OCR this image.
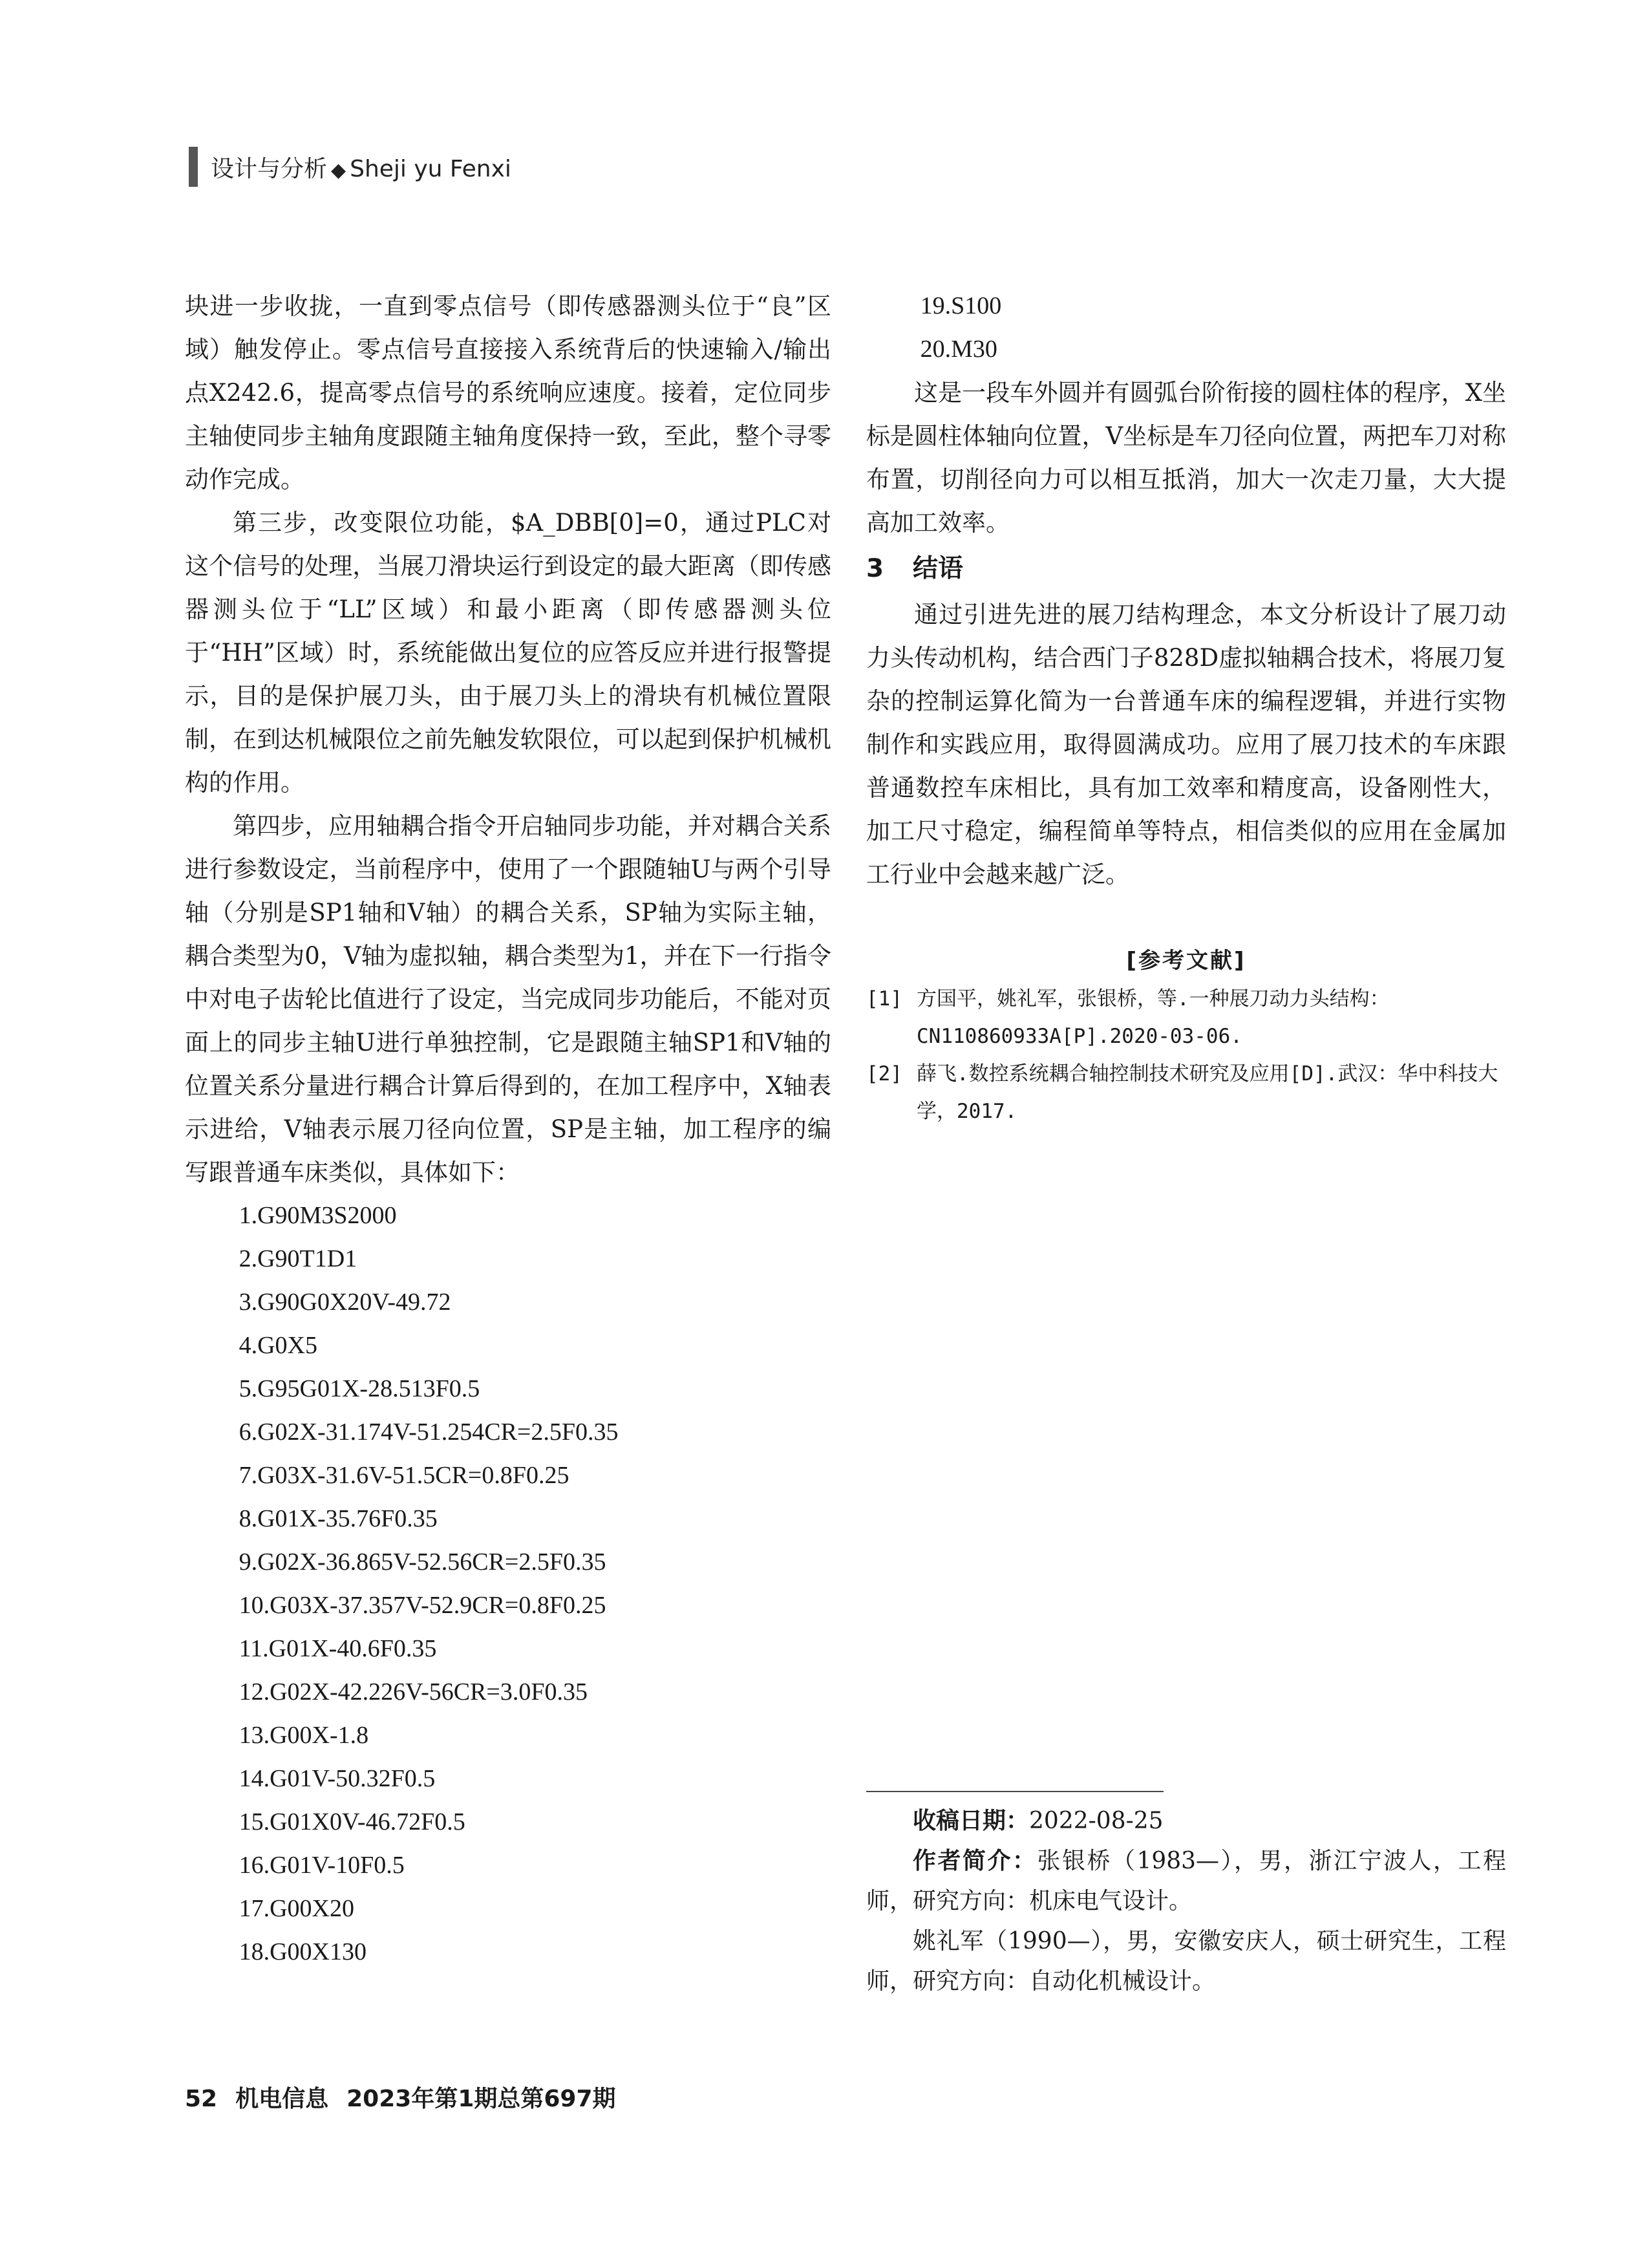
设计与分析 ◆ Sheji yu Fenxi

块进一步收拢，一直到零点信号（即传感器测头位于“良”区域）触发停止。零点信号直接接入系统背后的快速输入/输出点X242.6，提高零点信号的系统响应速度。接着，定位同步主轴使同步主轴角度跟随主轴角度保持一致，至此，整个寻零动作完成。

第三步，改变限位功能，$A_DBB[0]=0，通过PLC对这个信号的处理，当展刀滑块运行到设定的最大距离（即传感器测头位于“LL”区域）和最小距离（即传感器测头位于“HH”区域）时，系统能做出复位的应答反应并进行报警提示，目的是保护展刀头，由于展刀头上的滑块有机械位置限制，在到达机械限位之前先触发软限位，可以起到保护机械机构的作用。

第四步，应用轴耦合指令开启轴同步功能，并对耦合关系进行参数设定，当前程序中，使用了一个跟随轴U与两个引导轴（分别是SP1轴和V轴）的耦合关系，SP轴为实际主轴，耦合类型为0，V轴为虚拟轴，耦合类型为1，并在下一行指令中对电子齿轮比值进行了设定，当完成同步功能后，不能对页面上的同步主轴U进行单独控制，它是跟随主轴SP1和V轴的位置关系分量进行耦合计算后得到的，在加工程序中，X轴表示进给，V轴表示展刀径向位置，SP是主轴，加工程序的编写跟普通车床类似，具体如下：

1.G90M3S2000
2.G90T1D1
3.G90G0X20V-49.72
4.G0X5
5.G95G01X-28.513F0.5
6.G02X-31.174V-51.254CR=2.5F0.35
7.G03X-31.6V-51.5CR=0.8F0.25
8.G01X-35.76F0.35
9.G02X-36.865V-52.56CR=2.5F0.35
10.G03X-37.357V-52.9CR=0.8F0.25
11.G01X-40.6F0.35
12.G02X-42.226V-56CR=3.0F0.35
13.G00X-1.8
14.G01V-50.32F0.5
15.G01X0V-46.72F0.5
16.G01V-10F0.5
17.G00X20
18.G00X130
19.S100
20.M30

这是一段车外圆并有圆弧台阶衔接的圆柱体的程序，X坐标是圆柱体轴向位置，V坐标是车刀径向位置，两把车刀对称布置，切削径向力可以相互抵消，加大一次走刀量，大大提高加工效率。

3 结语

通过引进先进的展刀结构理念，本文分析设计了展刀动力头传动机构，结合西门子828D虚拟轴耦合技术，将展刀复杂的控制运算化简为一台普通车床的编程逻辑，并进行实物制作和实践应用，取得圆满成功。应用了展刀技术的车床跟普通数控车床相比，具有加工效率和精度高，设备刚性大，加工尺寸稳定，编程简单等特点，相信类似的应用在金属加工行业中会越来越广泛。

[参考文献]
[1] 方国平，姚礼军，张银桥，等.一种展刀动力头结构：CN110860933A[P].2020-03-06.
[2] 薛飞.数控系统耦合轴控制技术研究及应用[D].武汉：华中科技大学，2017.

收稿日期：2022-08-25

作者简介：张银桥（1983—），男，浙江宁波人，工程师，研究方向：机床电气设计。

姚礼军（1990—），男，安徽安庆人，硕士研究生，工程师，研究方向：自动化机械设计。

52 机电信息 2023年第1期总第697期
